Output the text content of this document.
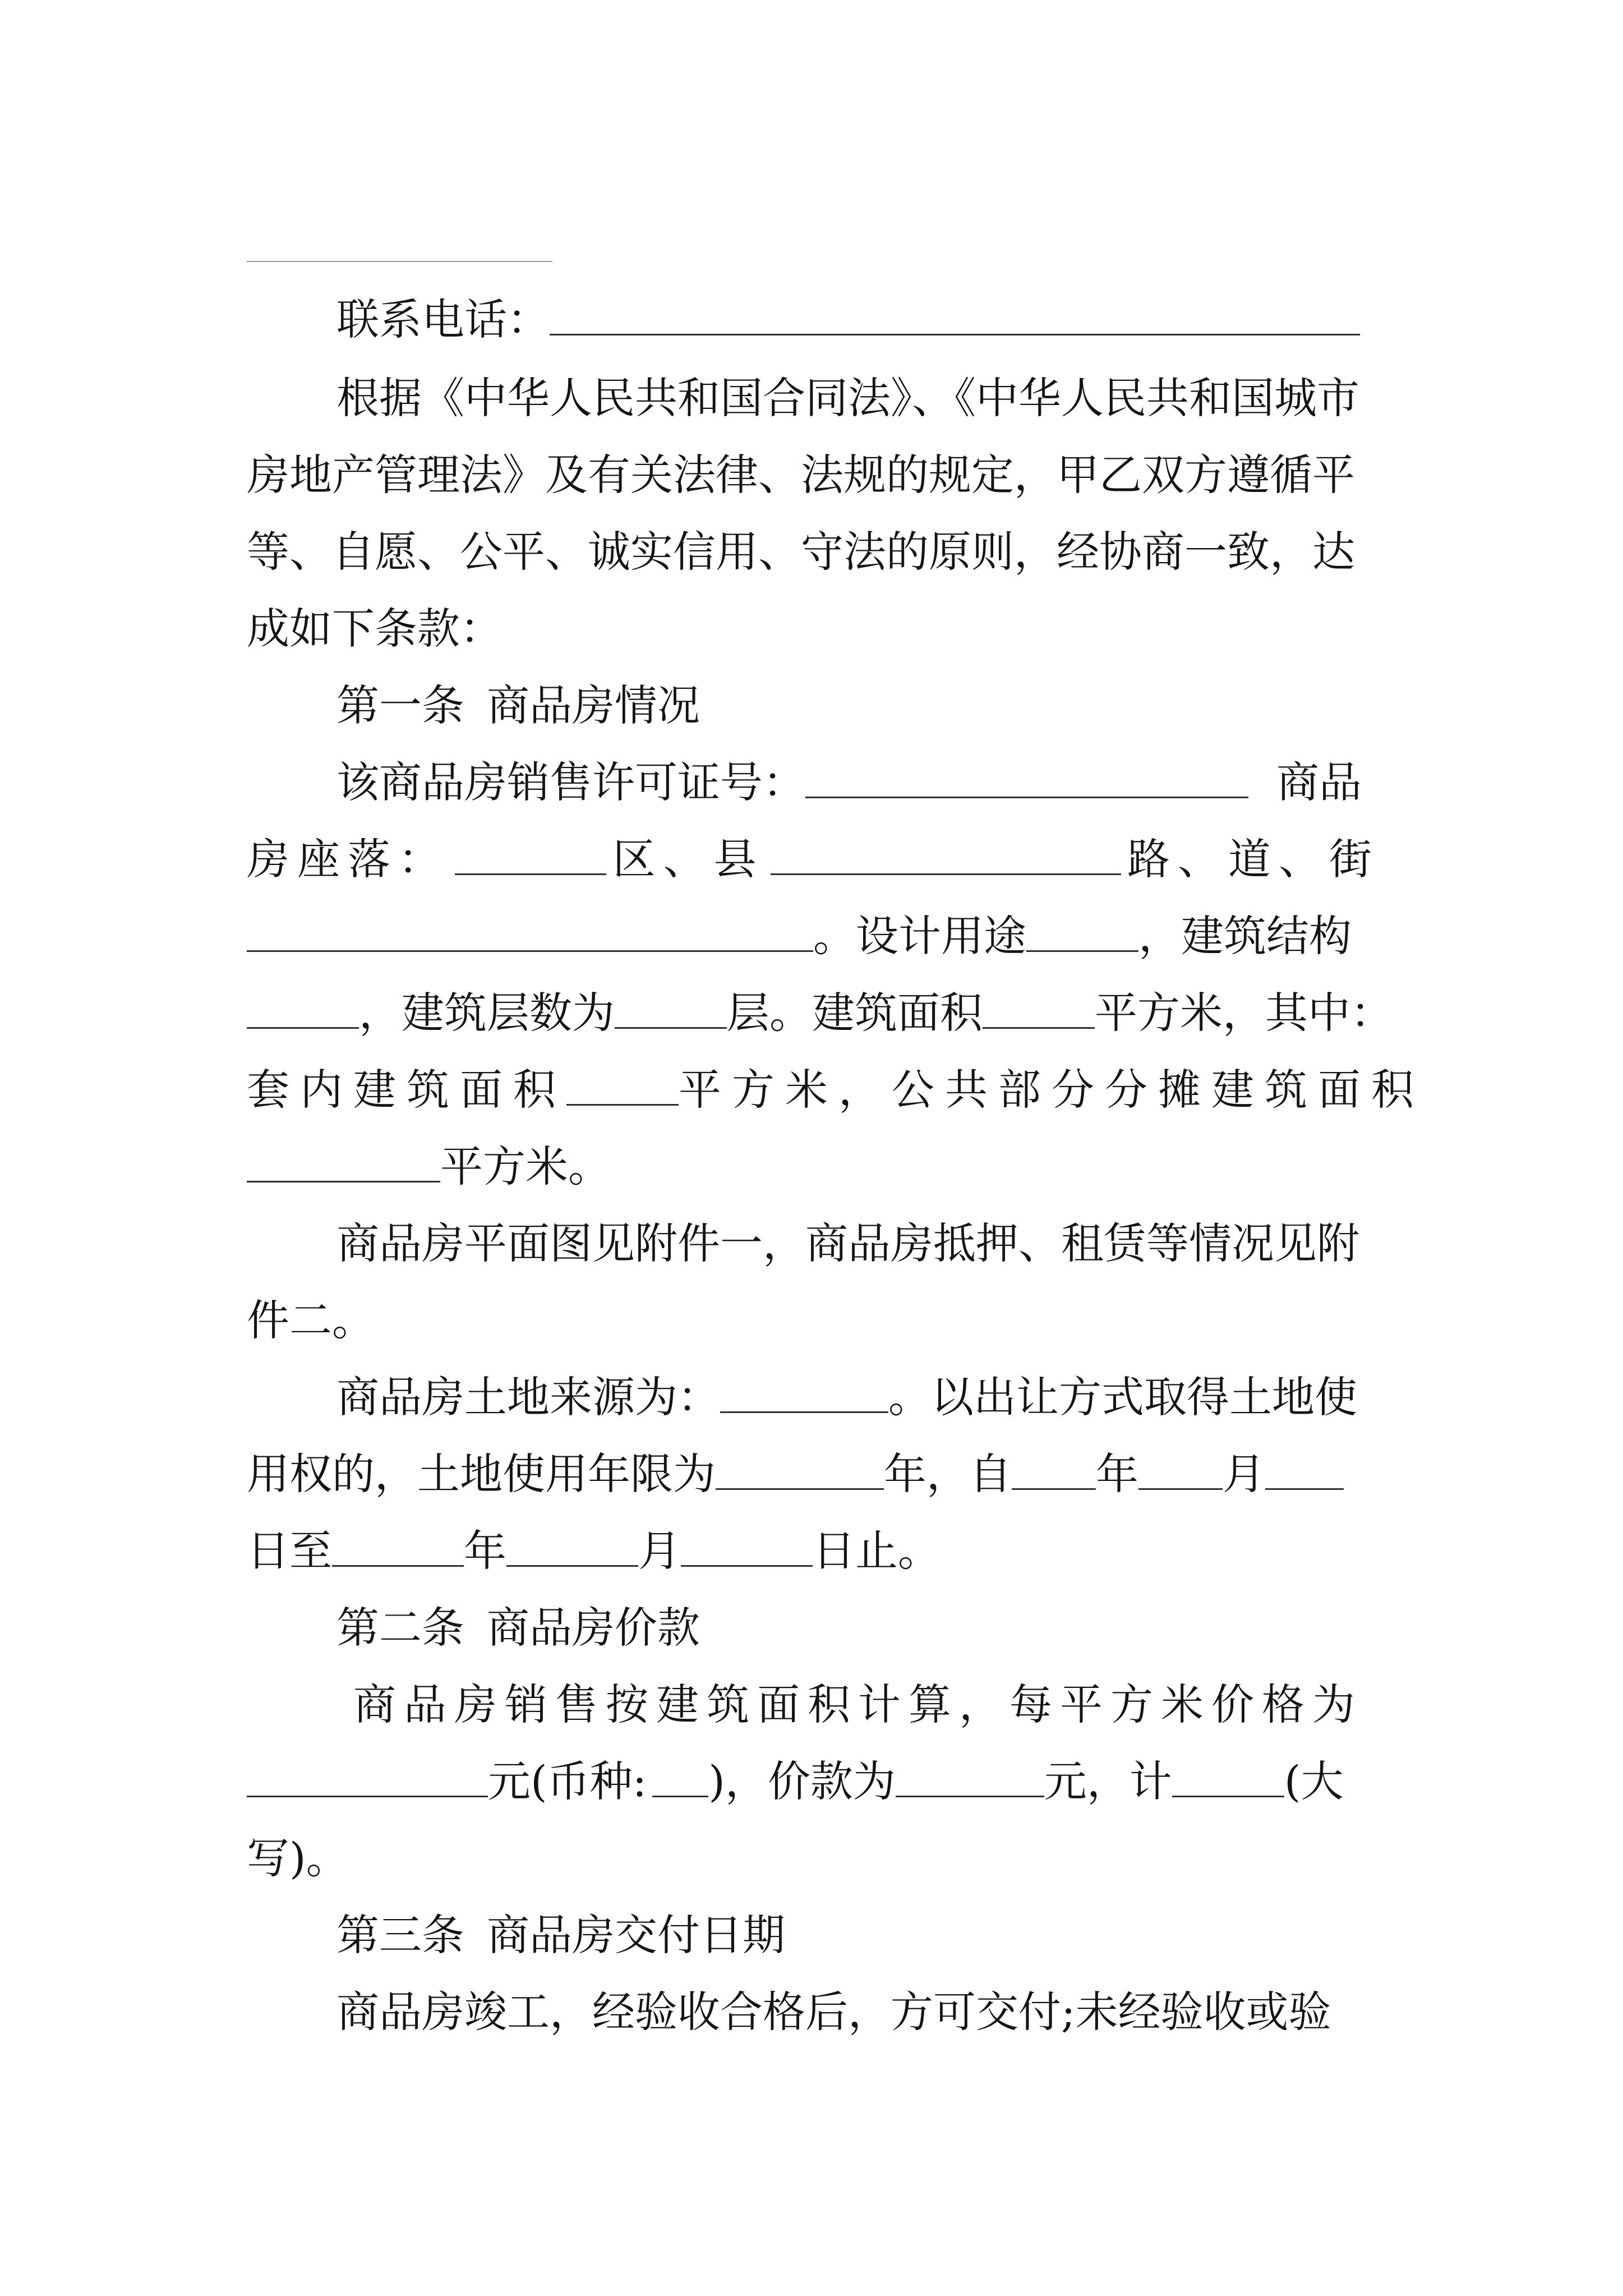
联系电话：
根据《中华人民共和国合同法》、《中华人民共和国城市
房地产管理法》及有关法律、法规的规定，甲乙双方遵循平
等、自愿、公平、诚实信用、守法的原则，经协商一致，达
成如下条款：
第一条 商品房情况
该商品房销售许可证号：	商品
房座落：	区、县	路、道、街
。设计用途	，建筑结构
，建筑层数为	层。建筑面积	平方米，其中：
套内建筑面积	平方米，公共部分分摊建筑面积
平方米。
商品房平面图见附件一，商品房抵押、租赁等情况见附
件二。
商品房土地来源为：	。以出让方式取得土地使
用权的，土地使用年限为	年，自 年 月
日至	年	月	日止。
第二条 商品房价款
商品房销售按建筑面积计算，每平方米价格为
元(币种: )，价款为	元，计	(大
写)。
第三条 商品房交付日期
商品房竣工，经验收合格后，方可交付;未经验收或验
